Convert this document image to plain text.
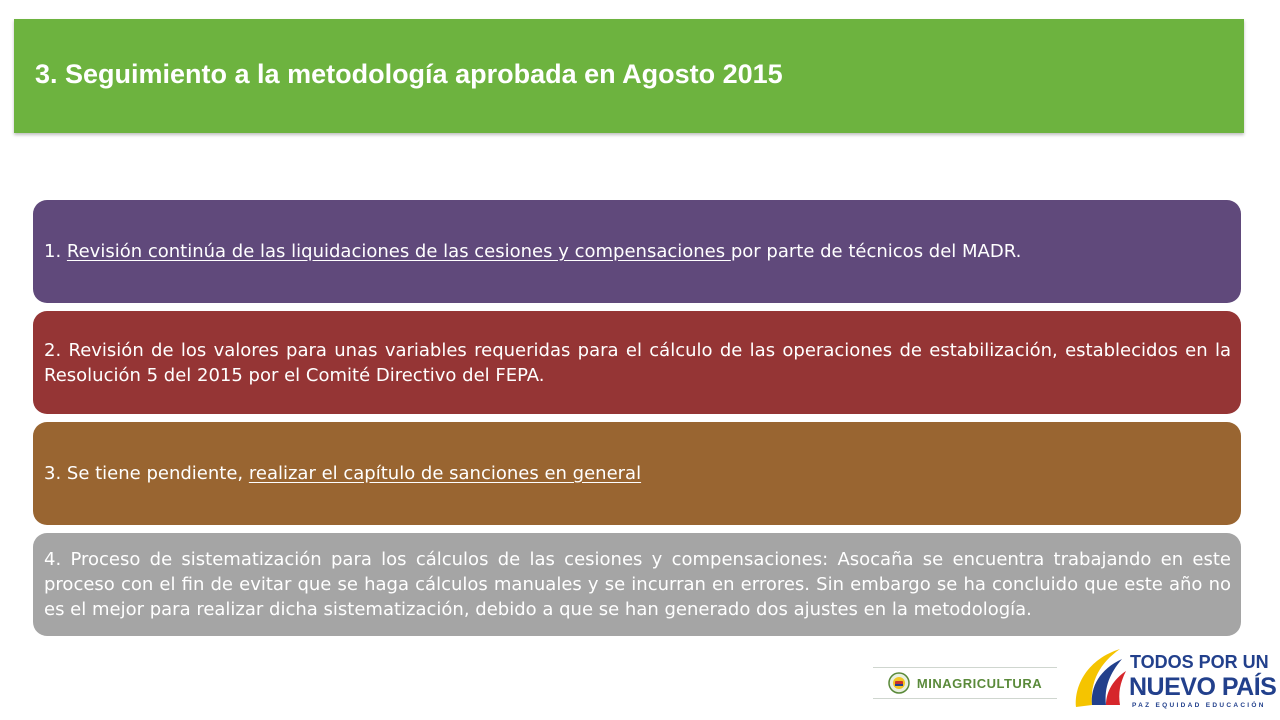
3. Seguimiento a la metodología aprobada en Agosto 2015

1. Revisión continúa de las liquidaciones de las cesiones y compensaciones por parte de técnicos del MADR.

2. Revisión de los valores para unas variables requeridas para el cálculo de las operaciones de estabilización, establecidos en la Resolución 5 del 2015 por el Comité Directivo del FEPA.

3. Se tiene pendiente, realizar el capítulo de sanciones en general

4. Proceso de sistematización para los cálculos de las cesiones y compensaciones: Asocaña se encuentra trabajando en este proceso con el fin de evitar que se haga cálculos manuales y se incurran en errores. Sin embargo se ha concluido que este año no es el mejor para realizar dicha sistematización, debido a que se han generado dos ajustes en la metodología.

MINAGRICULTURA
TODOS POR UN
NUEVO PAÍS
PAZ EQUIDAD EDUCACIÓN
